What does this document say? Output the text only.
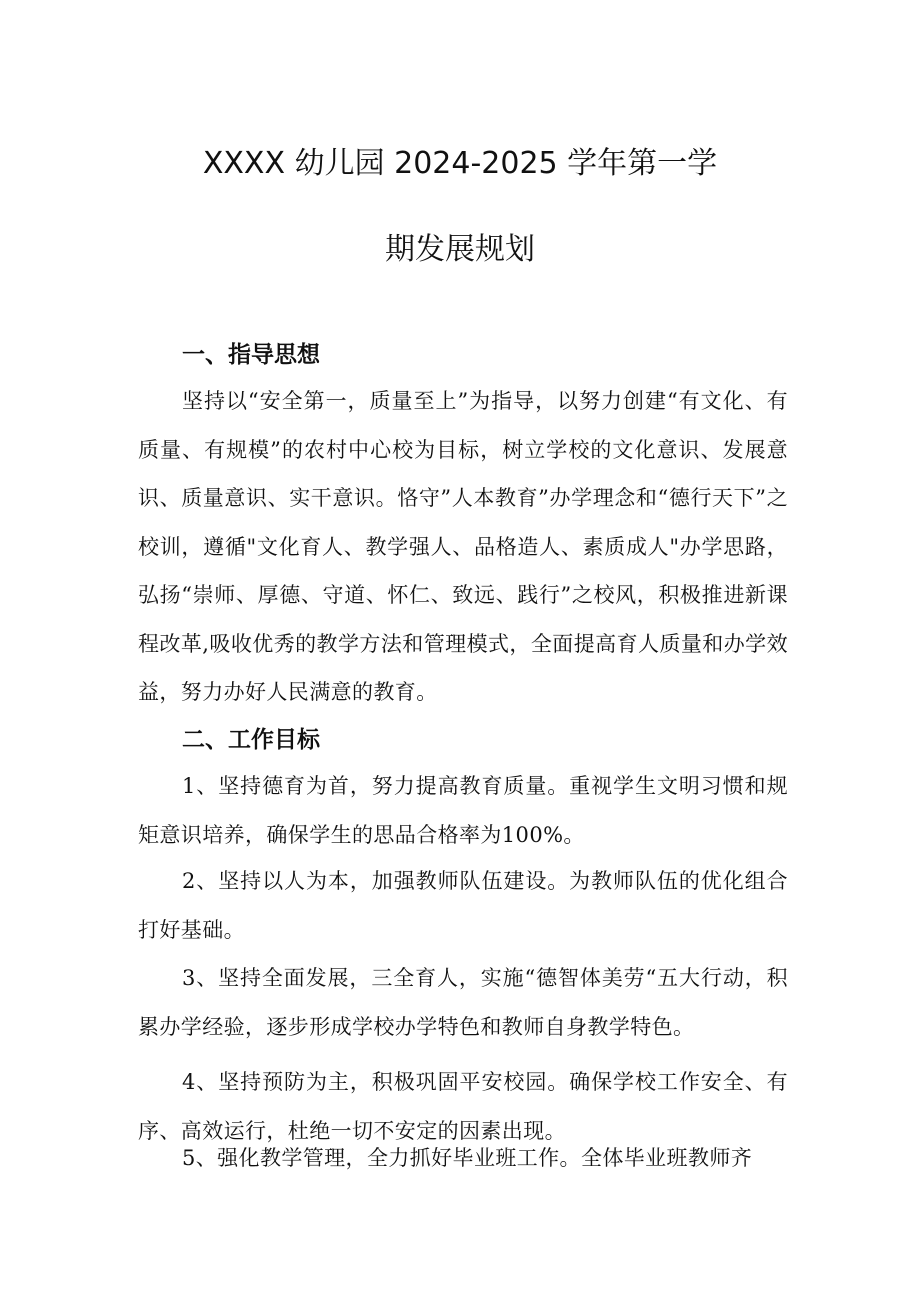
XXXX 幼儿园 2024-2025 学年第一学
期发展规划
一、指导思想

坚持以“安全第一，质量至上”为指导，以努力创建“有文化、有质量、有规模”的农村中心校为目标，树立学校的文化意识、发展意识、质量意识、实干意识。恪守”人本教育”办学理念和“德行天下”之校训，遵循"文化育人、教学强人、品格造人、素质成人"办学思路，弘扬“崇师、厚德、守道、怀仁、致远、践行”之校风，积极推进新课程改革,吸收优秀的教学方法和管理模式，全面提高育人质量和办学效益，努力办好人民满意的教育。

二、工作目标

1、坚持德育为首，努力提高教育质量。重视学生文明习惯和规矩意识培养，确保学生的思品合格率为100%。

2、坚持以人为本，加强教师队伍建设。为教师队伍的优化组合打好基础。

3、坚持全面发展，三全育人，实施“德智体美劳“五大行动，积累办学经验，逐步形成学校办学特色和教师自身教学特色。

4、坚持预防为主，积极巩固平安校园。确保学校工作安全、有序、高效运行，杜绝一切不安定的因素出现。

5、强化教学管理，全力抓好毕业班工作。全体毕业班教师齐
